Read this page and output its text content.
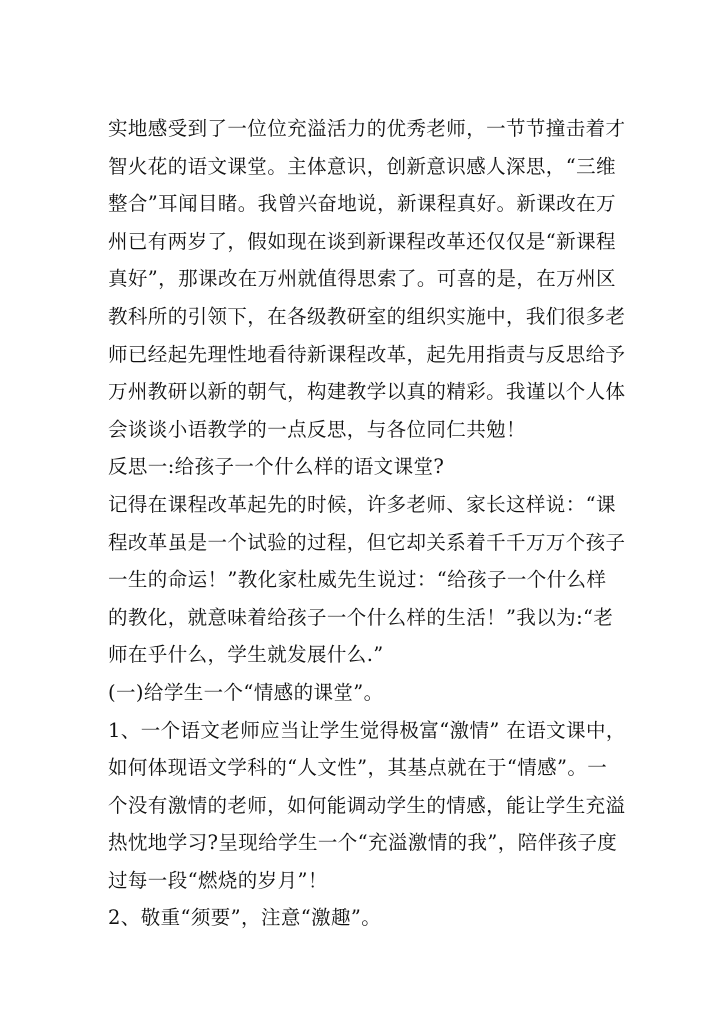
实地感受到了一位位充溢活力的优秀老师，一节节撞击着才
智火花的语文课堂。主体意识，创新意识感人深思，“三维
整合”耳闻目睹。我曾兴奋地说，新课程真好。新课改在万
州已有两岁了，假如现在谈到新课程改革还仅仅是“新课程
真好”，那课改在万州就值得思索了。可喜的是，在万州区
教科所的引领下，在各级教研室的组织实施中，我们很多老
师已经起先理性地看待新课程改革，起先用指责与反思给予
万州教研以新的朝气，构建教学以真的精彩。我谨以个人体
会谈谈小语教学的一点反思，与各位同仁共勉！
反思一:给孩子一个什么样的语文课堂?
记得在课程改革起先的时候，许多老师、家长这样说：“课
程改革虽是一个试验的过程，但它却关系着千千万万个孩子
一生的命运！”教化家杜威先生说过：“给孩子一个什么样
的教化，就意味着给孩子一个什么样的生活！”我以为:“老
师在乎什么，学生就发展什么.”
(一)给学生一个“情感的课堂”。
1、一个语文老师应当让学生觉得极富“激情” 在语文课中，
如何体现语文学科的“人文性”，其基点就在于“情感”。一
个没有激情的老师，如何能调动学生的情感，能让学生充溢
热忱地学习?呈现给学生一个“充溢激情的我”，陪伴孩子度
过每一段“燃烧的岁月”！
2、敬重“须要”，注意“激趣”。
